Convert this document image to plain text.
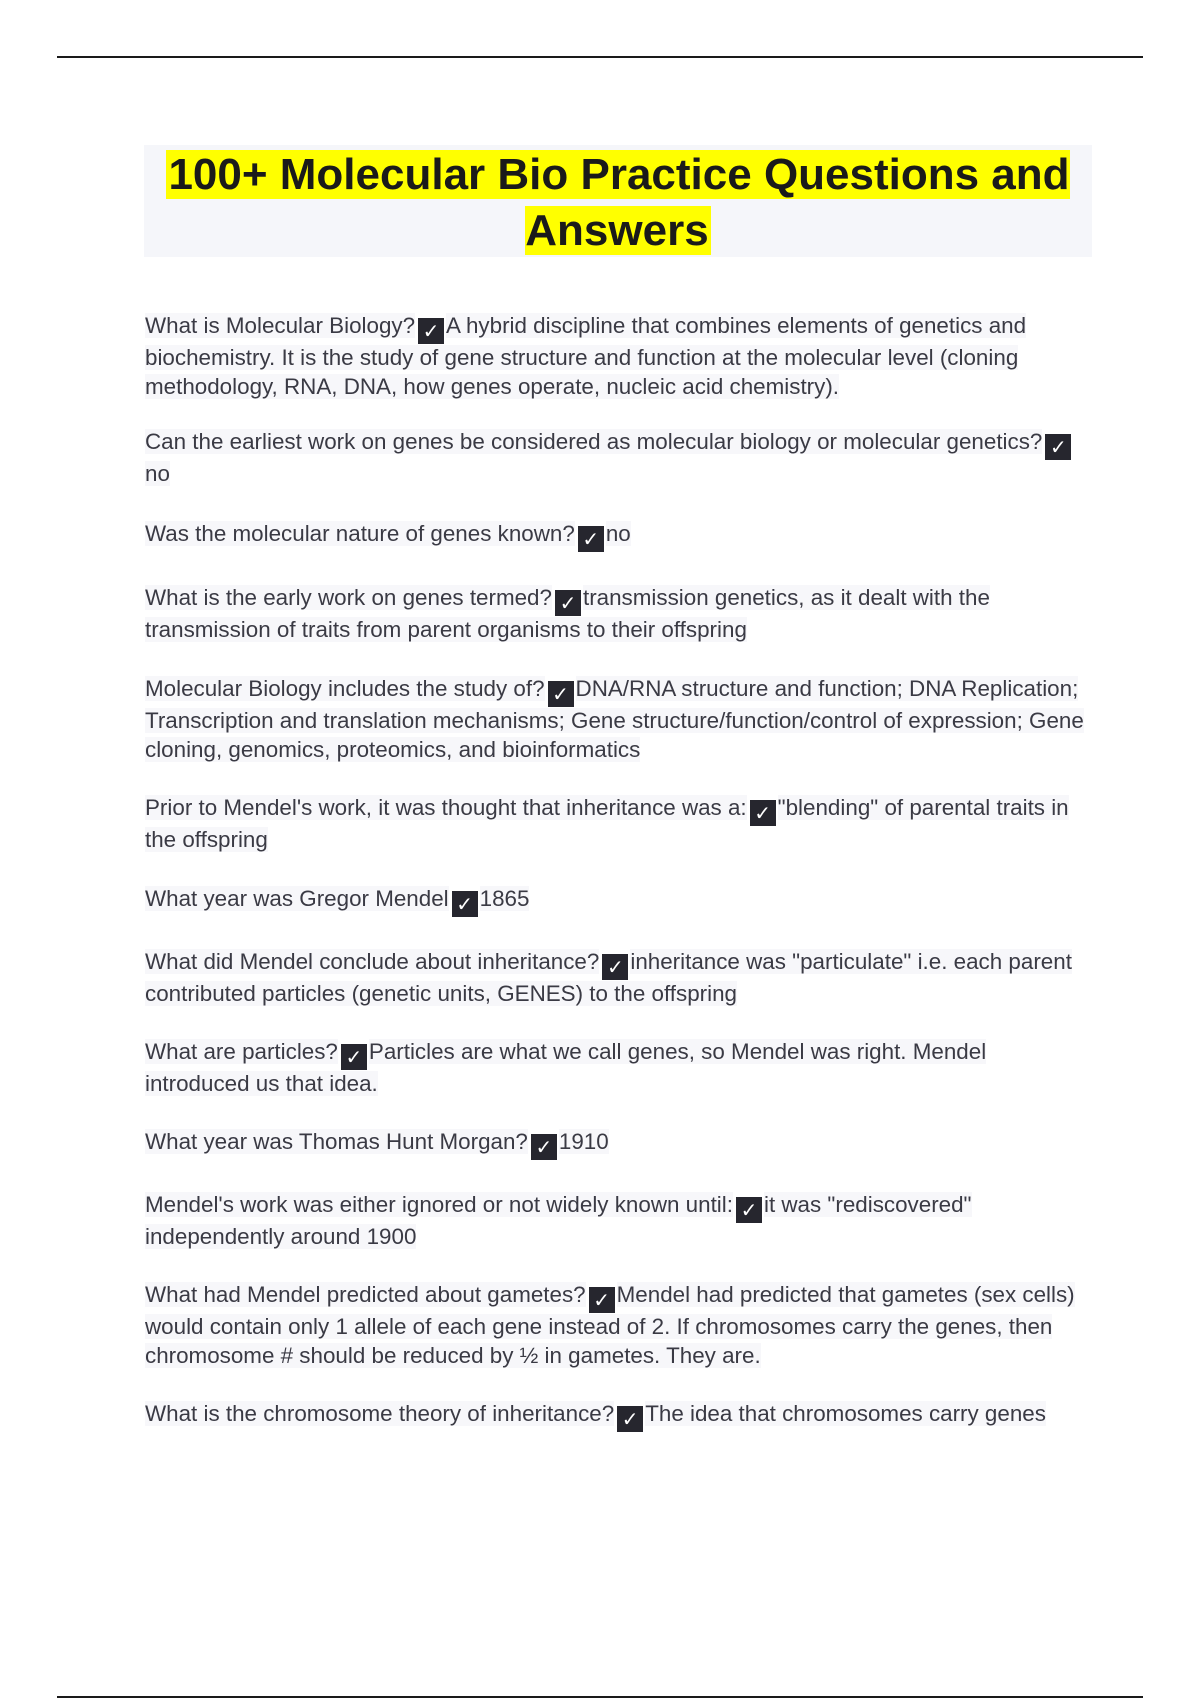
100+ Molecular Bio Practice Questions and Answers

What is Molecular Biology? ✓ A hybrid discipline that combines elements of genetics and biochemistry. It is the study of gene structure and function at the molecular level (cloning methodology, RNA, DNA, how genes operate, nucleic acid chemistry).

Can the earliest work on genes be considered as molecular biology or molecular genetics? ✓no

Was the molecular nature of genes known? ✓ no

What is the early work on genes termed? ✓ transmission genetics, as it dealt with the transmission of traits from parent organisms to their offspring

Molecular Biology includes the study of? ✓ DNA/RNA structure and function; DNA Replication; Transcription and translation mechanisms; Gene structure/function/control of expression; Gene cloning, genomics, proteomics, and bioinformatics

Prior to Mendel's work, it was thought that inheritance was a: ✓ "blending" of parental traits in the offspring

What year was Gregor Mendel ✓ 1865

What did Mendel conclude about inheritance? ✓ inheritance was "particulate" i.e. each parent contributed particles (genetic units, GENES) to the offspring

What are particles? ✓ Particles are what we call genes, so Mendel was right. Mendel introduced us that idea.

What year was Thomas Hunt Morgan? ✓ 1910

Mendel's work was either ignored or not widely known until: ✓ it was "rediscovered" independently around 1900

What had Mendel predicted about gametes? ✓ Mendel had predicted that gametes (sex cells) would contain only 1 allele of each gene instead of 2. If chromosomes carry the genes, then chromosome # should be reduced by ½ in gametes. They are.

What is the chromosome theory of inheritance? ✓ The idea that chromosomes carry genes
